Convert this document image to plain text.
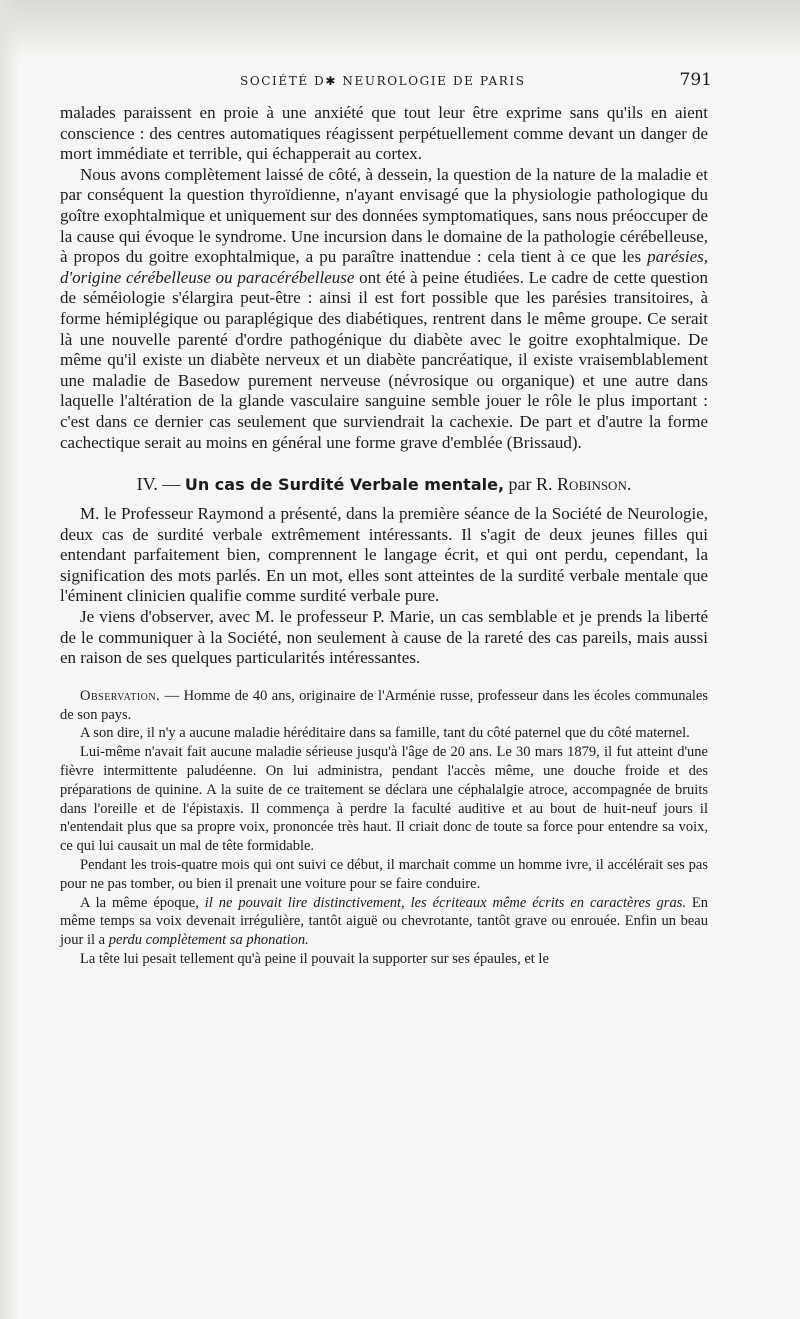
SOCIÉTÉ D✱ NEUROLOGIE DE PARIS	791

malades paraissent en proie à une anxiété que tout leur être exprime sans qu'ils en aient conscience : des centres automatiques réagissent perpétuellement comme devant un danger de mort immédiate et terrible, qui échapperait au cortex.

Nous avons complètement laissé de côté, à dessein, la question de la nature de la maladie et par conséquent la question thyroïdienne, n'ayant envisagé que la physiologie pathologique du goître exophtalmique et uniquement sur des données symptomatiques, sans nous préoccuper de la cause qui évoque le syndrome. Une incursion dans le domaine de la pathologie cérébelleuse, à propos du goitre exophtalmique, a pu paraître inattendue : cela tient à ce que les parésies, d'origine cérébelleuse ou paracérébelleuse ont été à peine étudiées. Le cadre de cette question de séméiologie s'élargira peut-être : ainsi il est fort possible que les parésies transitoires, à forme hémiplégique ou paraplégique des diabétiques, rentrent dans le même groupe. Ce serait là une nouvelle parenté d'ordre pathogénique du diabète avec le goitre exophtalmique. De même qu'il existe un diabète nerveux et un diabète pancréatique, il existe vraisemblablement une maladie de Basedow purement nerveuse (névrosique ou organique) et une autre dans laquelle l'altération de la glande vasculaire sanguine semble jouer le rôle le plus important : c'est dans ce dernier cas seulement que surviendrait la cachexie. De part et d'autre la forme cachectique serait au moins en général une forme grave d'emblée (Brissaud).

IV. — Un cas de Surdité Verbale mentale, par R. Robinson.

M. le Professeur Raymond a présenté, dans la première séance de la Société de Neurologie, deux cas de surdité verbale extrêmement intéressants. Il s'agit de deux jeunes filles qui entendant parfaitement bien, comprennent le langage écrit, et qui ont perdu, cependant, la signification des mots parlés. En un mot, elles sont atteintes de la surdité verbale mentale que l'éminent clinicien qualifie comme surdité verbale pure.

Je viens d'observer, avec M. le professeur P. Marie, un cas semblable et je prends la liberté de le communiquer à la Société, non seulement à cause de la rareté des cas pareils, mais aussi en raison de ses quelques particularités intéressantes.

Observation. — Homme de 40 ans, originaire de l'Arménie russe, professeur dans les écoles communales de son pays.

A son dire, il n'y a aucune maladie héréditaire dans sa famille, tant du côté paternel que du côté maternel.

Lui-même n'avait fait aucune maladie sérieuse jusqu'à l'âge de 20 ans. Le 30 mars 1879, il fut atteint d'une fièvre intermittente paludéenne. On lui administra, pendant l'accès même, une douche froide et des préparations de quinine. A la suite de ce traitement se déclara une céphalalgie atroce, accompagnée de bruits dans l'oreille et de l'épistaxis. Il commença à perdre la faculté auditive et au bout de huit-neuf jours il n'entendait plus que sa propre voix, prononcée très haut. Il criait donc de toute sa force pour entendre sa voix, ce qui lui causait un mal de tête formidable.

Pendant les trois-quatre mois qui ont suivi ce début, il marchait comme un homme ivre, il accélérait ses pas pour ne pas tomber, ou bien il prenait une voiture pour se faire conduire.

A la même époque, il ne pouvait lire distinctivement, les écriteaux même écrits en caractères gras. En même temps sa voix devenait irrégulière, tantôt aiguë ou chevrotante, tantôt grave ou enrouée. Enfin un beau jour il a perdu complètement sa phonation.

La tête lui pesait tellement qu'à peine il pouvait la supporter sur ses épaules, et le
